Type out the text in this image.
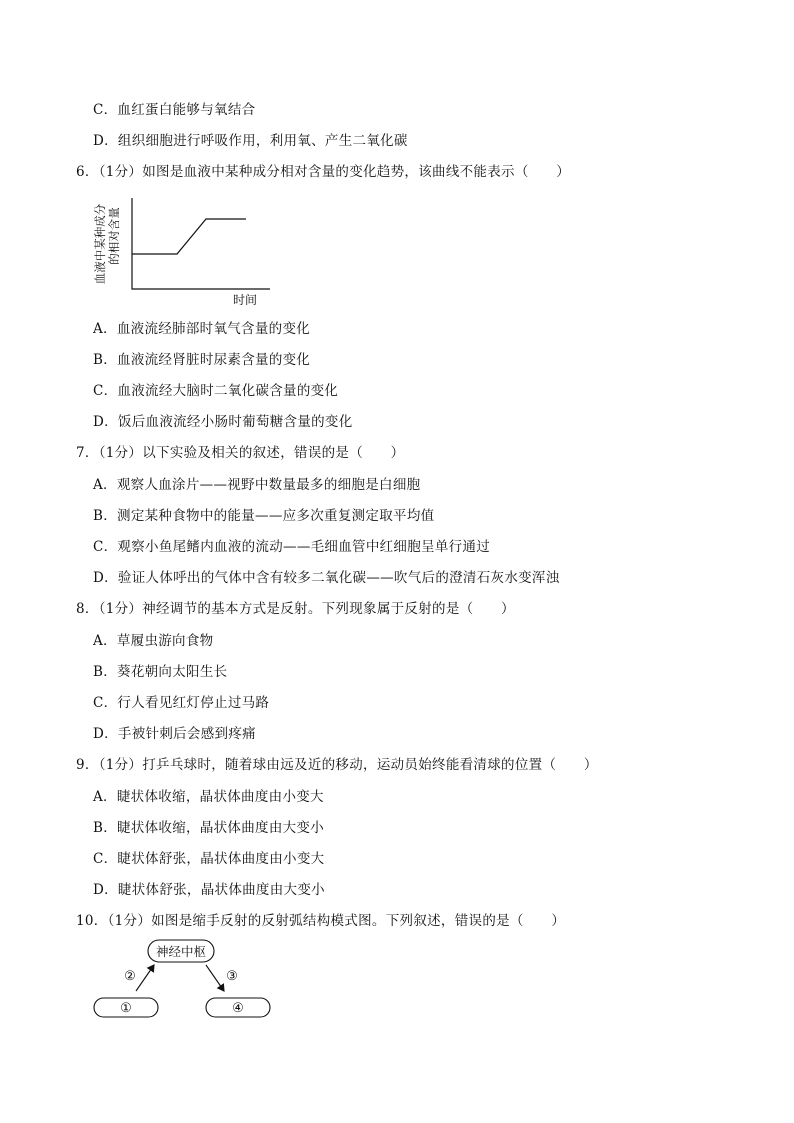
C．血红蛋白能够与氧结合
D．组织细胞进行呼吸作用，利用氧、产生二氧化碳
6．（1分）如图是血液中某种成分相对含量的变化趋势，该曲线不能表示（　　）
血液中某种成分 的相对含量
时间
A．血液流经肺部时氧气含量的变化
B．血液流经肾脏时尿素含量的变化
C．血液流经大脑时二氧化碳含量的变化
D．饭后血液流经小肠时葡萄糖含量的变化
7．（1分）以下实验及相关的叙述，错误的是（　　）
A．观察人血涂片——视野中数量最多的细胞是白细胞
B．测定某种食物中的能量——应多次重复测定取平均值
C．观察小鱼尾鳍内血液的流动——毛细血管中红细胞呈单行通过
D．验证人体呼出的气体中含有较多二氧化碳——吹气后的澄清石灰水变浑浊
8．（1分）神经调节的基本方式是反射。下列现象属于反射的是（　　）
A．草履虫游向食物
B．葵花朝向太阳生长
C．行人看见红灯停止过马路
D．手被针刺后会感到疼痛
9．（1分）打乒乓球时，随着球由远及近的移动，运动员始终能看清球的位置（　　）
A．睫状体收缩，晶状体曲度由小变大
B．睫状体收缩，晶状体曲度由大变小
C．睫状体舒张，晶状体曲度由小变大
D．睫状体舒张，晶状体曲度由大变小
10．（1分）如图是缩手反射的反射弧结构模式图。下列叙述，错误的是（　　）
神经中枢
②	③
①	④
